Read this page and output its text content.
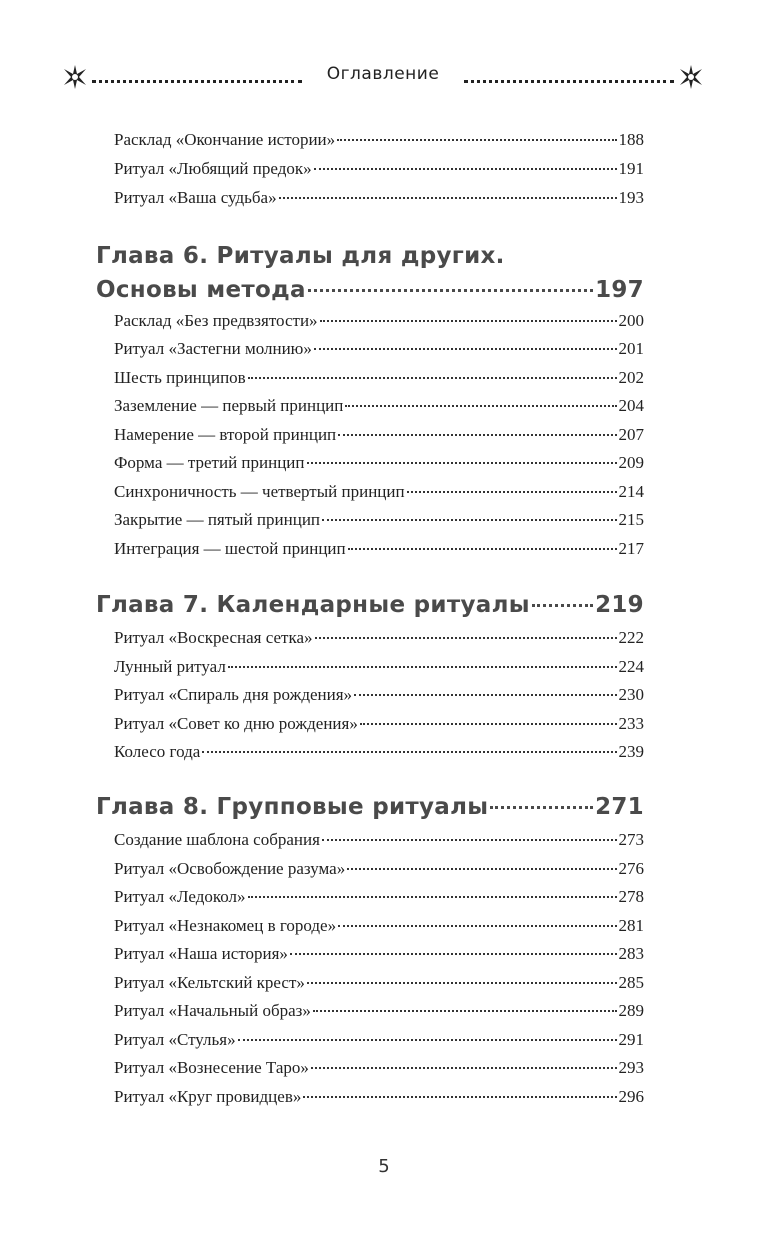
Оглавление
Расклад «Окончание истории»	188
Ритуал «Любящий предок»	191
Ритуал «Ваша судьба»	193
Глава 6. Ритуалы для других.
Основы метода	197
Расклад «Без предвзятости»	200
Ритуал «Застегни молнию»	201
Шесть принципов	202
Заземление — первый принцип	204
Намерение — второй принцип	207
Форма — третий принцип	209
Синхроничность — четвертый принцип	214
Закрытие — пятый принцип	215
Интеграция — шестой принцип	217
Глава 7. Календарные ритуалы	219
Ритуал «Воскресная сетка»	222
Лунный ритуал	224
Ритуал «Спираль дня рождения»	230
Ритуал «Совет ко дню рождения»	233
Колесо года	239
Глава 8. Групповые ритуалы	271
Создание шаблона собрания	273
Ритуал «Освобождение разума»	276
Ритуал «Ледокол»	278
Ритуал «Незнакомец в городе»	281
Ритуал «Наша история»	283
Ритуал «Кельтский крест»	285
Ритуал «Начальный образ»	289
Ритуал «Стулья»	291
Ритуал «Вознесение Таро»	293
Ритуал «Круг провидцев»	296
5
